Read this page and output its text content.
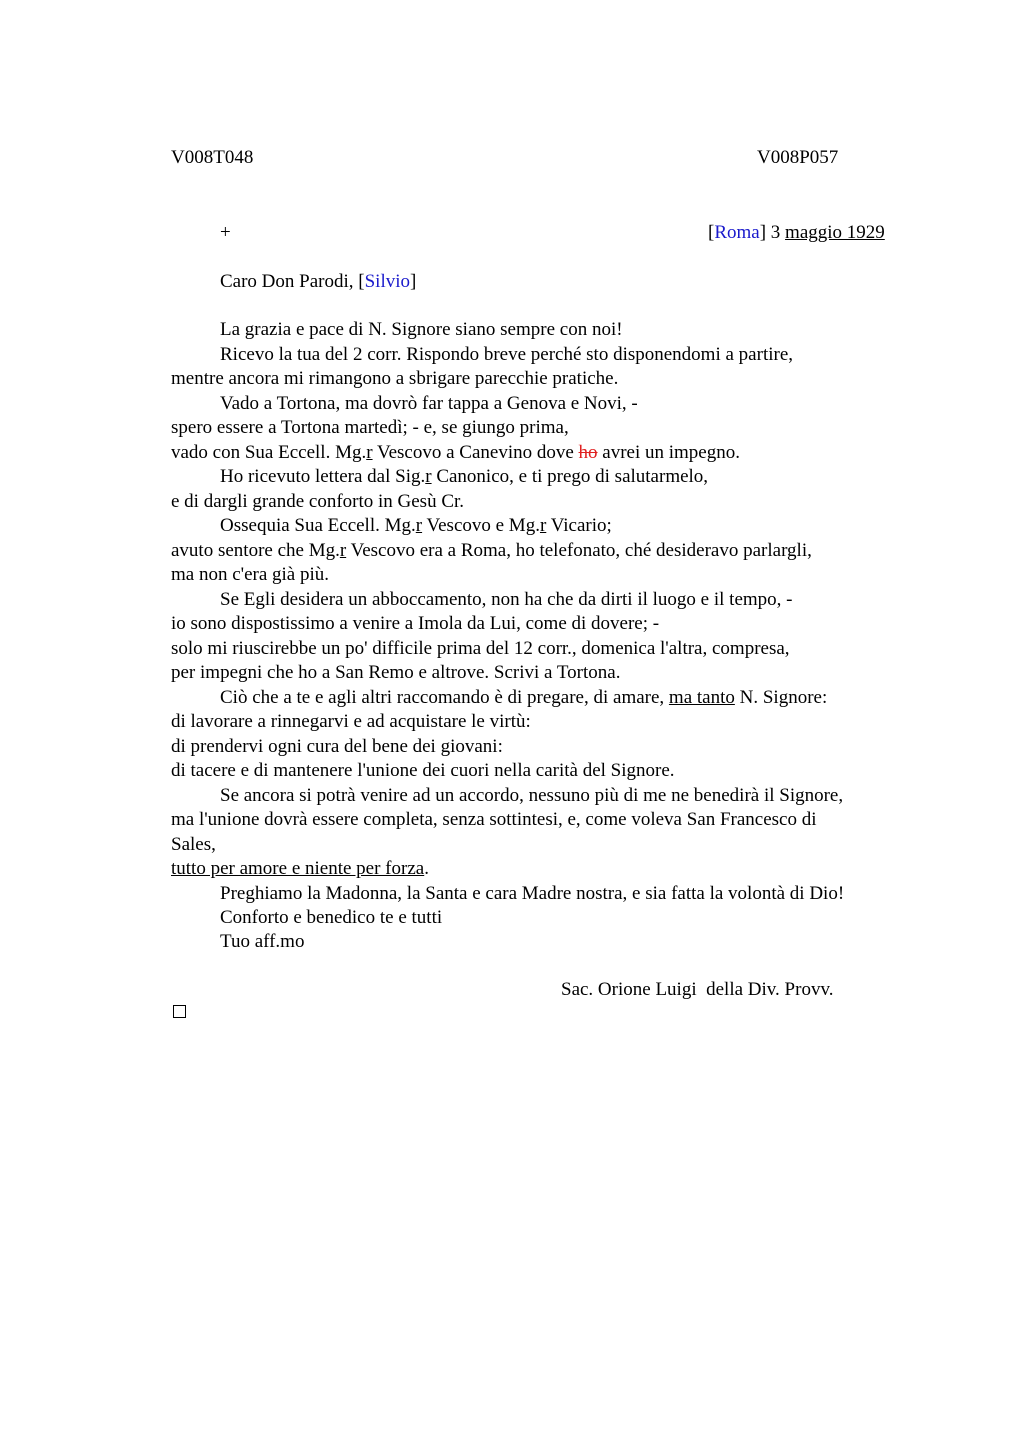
V008T048	V008P057
+	[Roma] 3 maggio 1929
Caro Don Parodi, [Silvio]
La grazia e pace di N. Signore siano sempre con noi!
Ricevo la tua del 2 corr. Rispondo breve perché sto disponendomi a partire,
mentre ancora mi rimangono a sbrigare parecchie pratiche.
Vado a Tortona, ma dovrò far tappa a Genova e Novi, -
spero essere a Tortona martedì; - e, se giungo prima,
vado con Sua Eccell. Mg.r Vescovo a Canevino dove ho avrei un impegno.
Ho ricevuto lettera dal Sig.r Canonico, e ti prego di salutarmelo,
e di dargli grande conforto in Gesù Cr.
Ossequia Sua Eccell. Mg.r Vescovo e Mg.r Vicario;
avuto sentore che Mg.r Vescovo era a Roma, ho telefonato, ché desideravo parlargli,
ma non c'era già più.
Se Egli desidera un abboccamento, non ha che da dirti il luogo e il tempo, -
io sono dispostissimo a venire a Imola da Lui, come di dovere; -
solo mi riuscirebbe un po' difficile prima del 12 corr., domenica l'altra, compresa,
per impegni che ho a San Remo e altrove. Scrivi a Tortona.
Ciò che a te e agli altri raccomando è di pregare, di amare, ma tanto N. Signore:
di lavorare a rinnegarvi e ad acquistare le virtù:
di prendervi ogni cura del bene dei giovani:
di tacere e di mantenere l'unione dei cuori nella carità del Signore.
Se ancora si potrà venire ad un accordo, nessuno più di me ne benedirà il Signore,
ma l'unione dovrà essere completa, senza sottintesi, e, come voleva San Francesco di
Sales,
tutto per amore e niente per forza.
Preghiamo la Madonna, la Santa e cara Madre nostra, e sia fatta la volontà di Dio!
Conforto e benedico te e tutti
Tuo aff.mo
Sac. Orione Luigi  della Div. Provv.
